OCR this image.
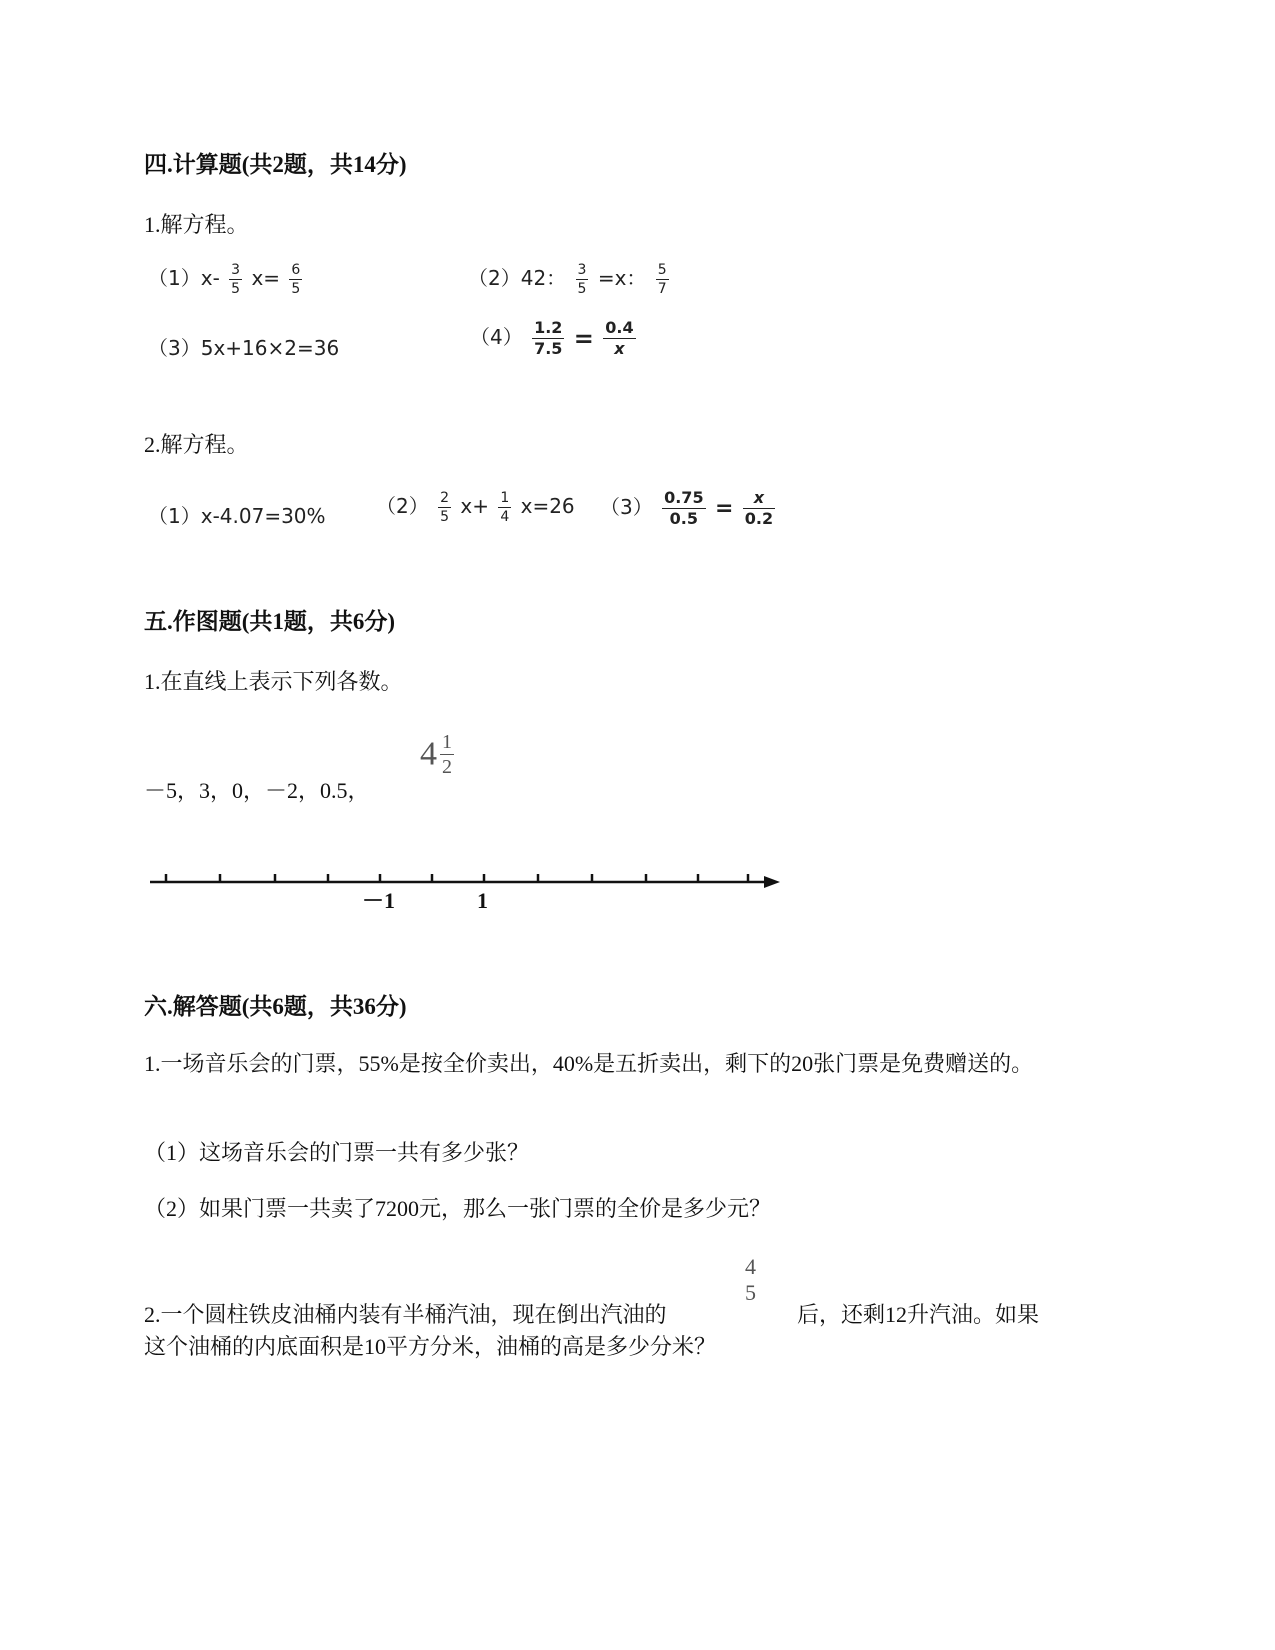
四.计算题(共2题，共14分)
1.解方程。
$(1)x- \frac{3}{5} x= \frac{6}{5}$	（2）42： $\frac{3}{5} =x$： $\frac{5}{7}$
（3）5x+16×2=36	$(4) \frac{1.2}{7.5} = \frac{0.4}{x}$
2.解方程。
（1）x-4.07=30%	$(2) \frac{2}{5} x+ \frac{1}{4} x=26$ $(3) \frac{0.75}{0.5} = \frac{x}{0.2}$
五.作图题(共1题，共6分)
1.在直线上表示下列各数。
－5，3，0，－2，0.5，
$4 \frac{1}{2}$
－1	1
六.解答题(共6题，共36分)
1.一场音乐会的门票，55%是按全价卖出，40%是五折卖出，剩下的20张门票是免费赠送的。
（1）这场音乐会的门票一共有多少张？
（2）如果门票一共卖了7200元，那么一张门票的全价是多少元？
2.一个圆柱铁皮油桶内装有半桶汽油，现在倒出汽油的
4
5
后，还剩12升汽油。如果
这个油桶的内底面积是10平方分米，油桶的高是多少分米？
